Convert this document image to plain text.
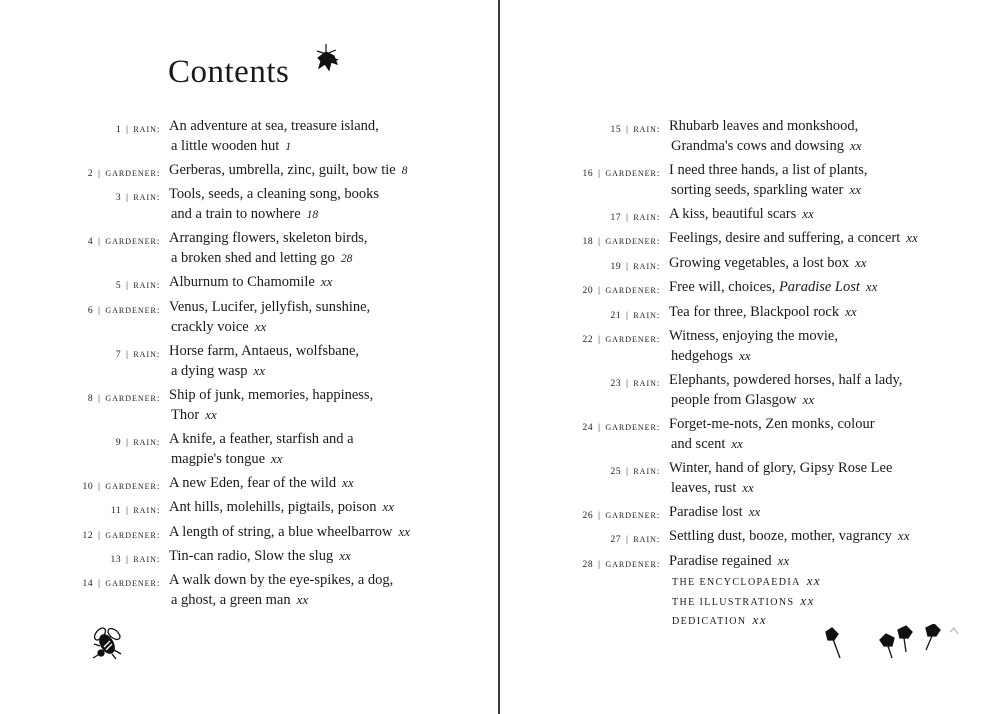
Contents
1 | rain: An adventure at sea, treasure island,
a little wooden hut 1
2 | gardener: Gerberas, umbrella, zinc, guilt, bow tie 8
3 | rain: Tools, seeds, a cleaning song, books
and a train to nowhere 18
4 | gardener: Arranging flowers, skeleton birds,
a broken shed and letting go 28
5 | rain: Alburnum to Chamomile xx
6 | gardener: Venus, Lucifer, jellyfish, sunshine,
crackly voice xx
7 | rain: Horse farm, Antaeus, wolfsbane,
a dying wasp xx
8 | gardener: Ship of junk, memories, happiness,
Thor xx
9 | rain: A knife, a feather, starfish and a
magpie's tongue xx
10 | gardener: A new Eden, fear of the wild xx
11 | rain: Ant hills, molehills, pigtails, poison xx
12 | gardener: A length of string, a blue wheelbarrow xx
13 | rain: Tin-can radio, Slow the slug xx
14 | gardener: A walk down by the eye-spikes, a dog,
a ghost, a green man xx
15 | rain: Rhubarb leaves and monkshood,
Grandma's cows and dowsing xx
16 | gardener: I need three hands, a list of plants,
sorting seeds, sparkling water xx
17 | rain: A kiss, beautiful scars xx
18 | gardener: Feelings, desire and suffering, a concert xx
19 | rain: Growing vegetables, a lost box xx
20 | gardener: Free will, choices, Paradise Lost xx
21 | rain: Tea for three, Blackpool rock xx
22 | gardener: Witness, enjoying the movie,
hedgehogs xx
23 | rain: Elephants, powdered horses, half a lady,
people from Glasgow xx
24 | gardener: Forget-me-nots, Zen monks, colour
and scent xx
25 | rain: Winter, hand of glory, Gipsy Rose Lee
leaves, rust xx
26 | gardener: Paradise lost xx
27 | rain: Settling dust, booze, mother, vagrancy xx
28 | gardener: Paradise regained xx
THE ENCYCLOPAEDIA xx
THE ILLUSTRATIONS xx
DEDICATION xx
